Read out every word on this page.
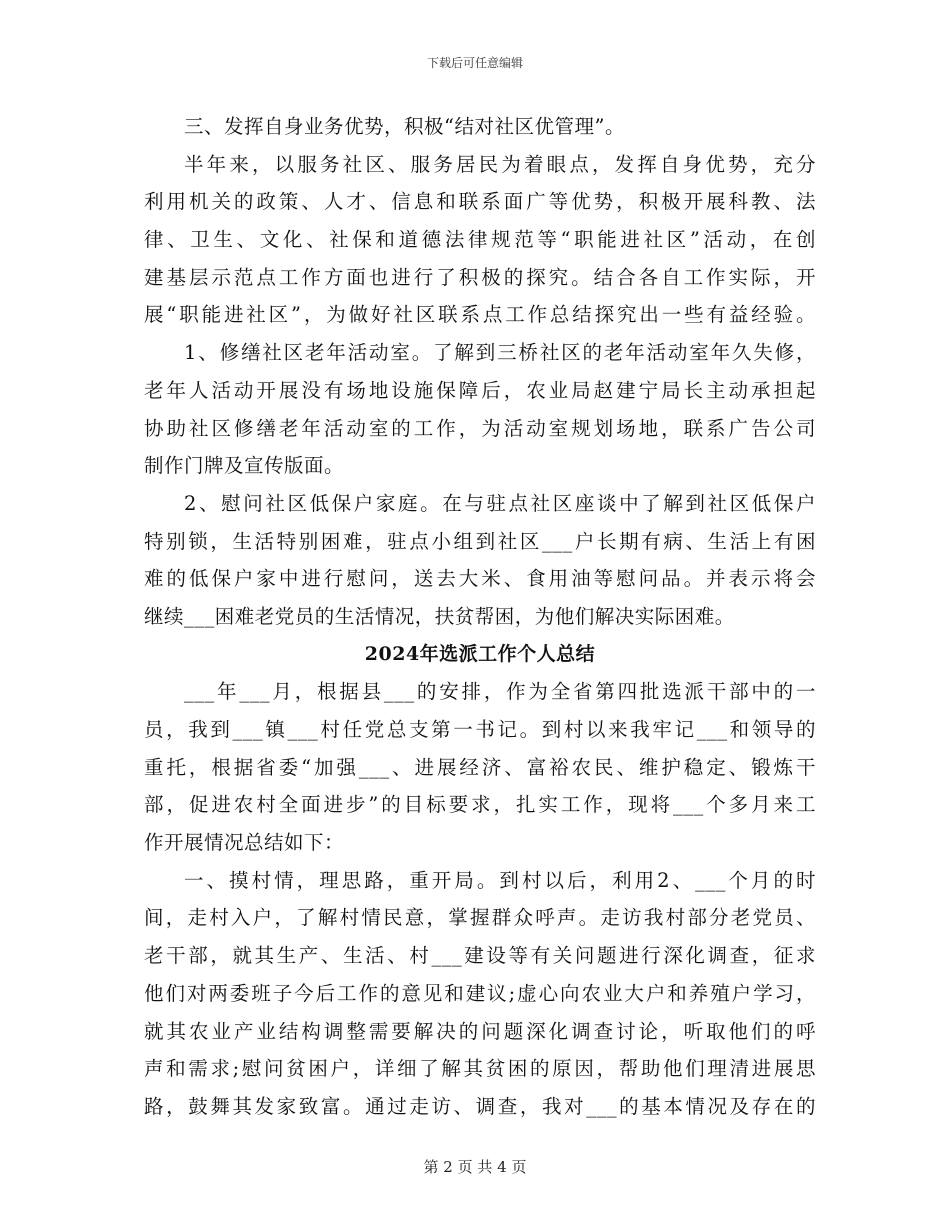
下载后可任意编辑
三、发挥自身业务优势，积极“结对社区优管理”。
半年来，以服务社区、服务居民为着眼点，发挥自身优势，充分
利用机关的政策、人才、信息和联系面广等优势，积极开展科教、法
律、卫生、文化、社保和道德法律规范等“职能进社区”活动，在创
建基层示范点工作方面也进行了积极的探究。结合各自工作实际，开
展“职能进社区”，为做好社区联系点工作总结探究出一些有益经验。
1、修缮社区老年活动室。了解到三桥社区的老年活动室年久失修，
老年人活动开展没有场地设施保障后，农业局赵建宁局长主动承担起
协助社区修缮老年活动室的工作，为活动室规划场地，联系广告公司
制作门牌及宣传版面。
2、慰问社区低保户家庭。在与驻点社区座谈中了解到社区低保户
特别锁，生活特别困难，驻点小组到社区___户长期有病、生活上有困
难的低保户家中进行慰问，送去大米、食用油等慰问品。并表示将会
继续___困难老党员的生活情况，扶贫帮困，为他们解决实际困难。
2024年选派工作个人总结
___年___月，根据县___的安排，作为全省第四批选派干部中的一
员，我到___镇___村任党总支第一书记。到村以来我牢记___和领导的
重托，根据省委“加强___、进展经济、富裕农民、维护稳定、锻炼干
部，促进农村全面进步”的目标要求，扎实工作，现将___个多月来工
作开展情况总结如下：
一、摸村情，理思路，重开局。到村以后，利用2、___个月的时
间，走村入户，了解村情民意，掌握群众呼声。走访我村部分老党员、
老干部，就其生产、生活、村___建设等有关问题进行深化调查，征求
他们对两委班子今后工作的意见和建议;虚心向农业大户和养殖户学习，
就其农业产业结构调整需要解决的问题深化调查讨论，听取他们的呼
声和需求;慰问贫困户，详细了解其贫困的原因，帮助他们理清进展思
路，鼓舞其发家致富。通过走访、调查，我对___的基本情况及存在的
第 2 页 共 4 页
